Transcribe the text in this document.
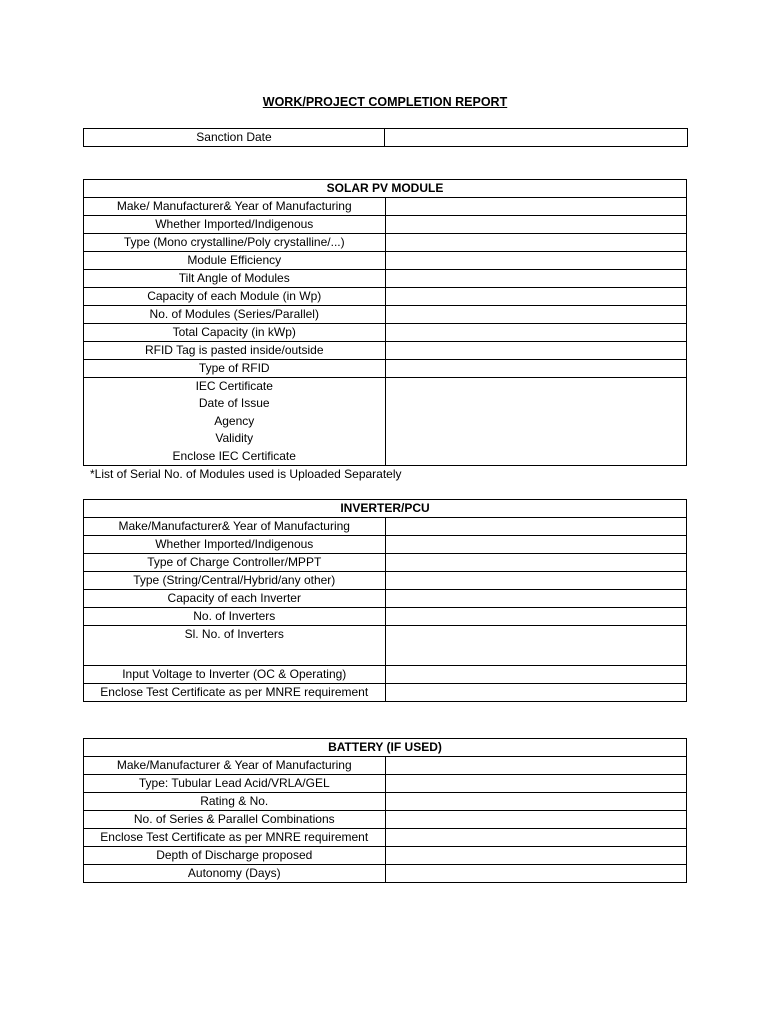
WORK/PROJECT COMPLETION REPORT
Sanction Date	
SOLAR PV MODULE	
Make/ Manufacturer& Year of Manufacturing	
Whether Imported/Indigenous	
Type (Mono crystalline/Poly crystalline/...)	
Module Efficiency	
Tilt Angle of Modules	
Capacity of each Module (in Wp)	
No. of Modules (Series/Parallel)	
Total Capacity (in kWp)	
RFID Tag is pasted inside/outside	
Type of RFID	

IEC Certificate
Date of Issue
Agency
Validity
Enclose IEC Certificate	

*List of Serial No. of Modules used is Uploaded Separately
INVERTER/PCU	
Make/Manufacturer& Year of Manufacturing	
Whether Imported/Indigenous	
Type of Charge Controller/MPPT	
Type (String/Central/Hybrid/any other)	
Capacity of each Inverter	
No. of Inverters	
Sl. No. of Inverters	
Input Voltage to Inverter (OC & Operating)	
Enclose Test Certificate as per MNRE requirement	
BATTERY (IF USED)	
Make/Manufacturer & Year of Manufacturing	
Type: Tubular Lead Acid/VRLA/GEL	
Rating & No.	
No. of Series & Parallel Combinations	
Enclose Test Certificate as per MNRE requirement	
Depth of Discharge proposed	
Autonomy (Days)	
